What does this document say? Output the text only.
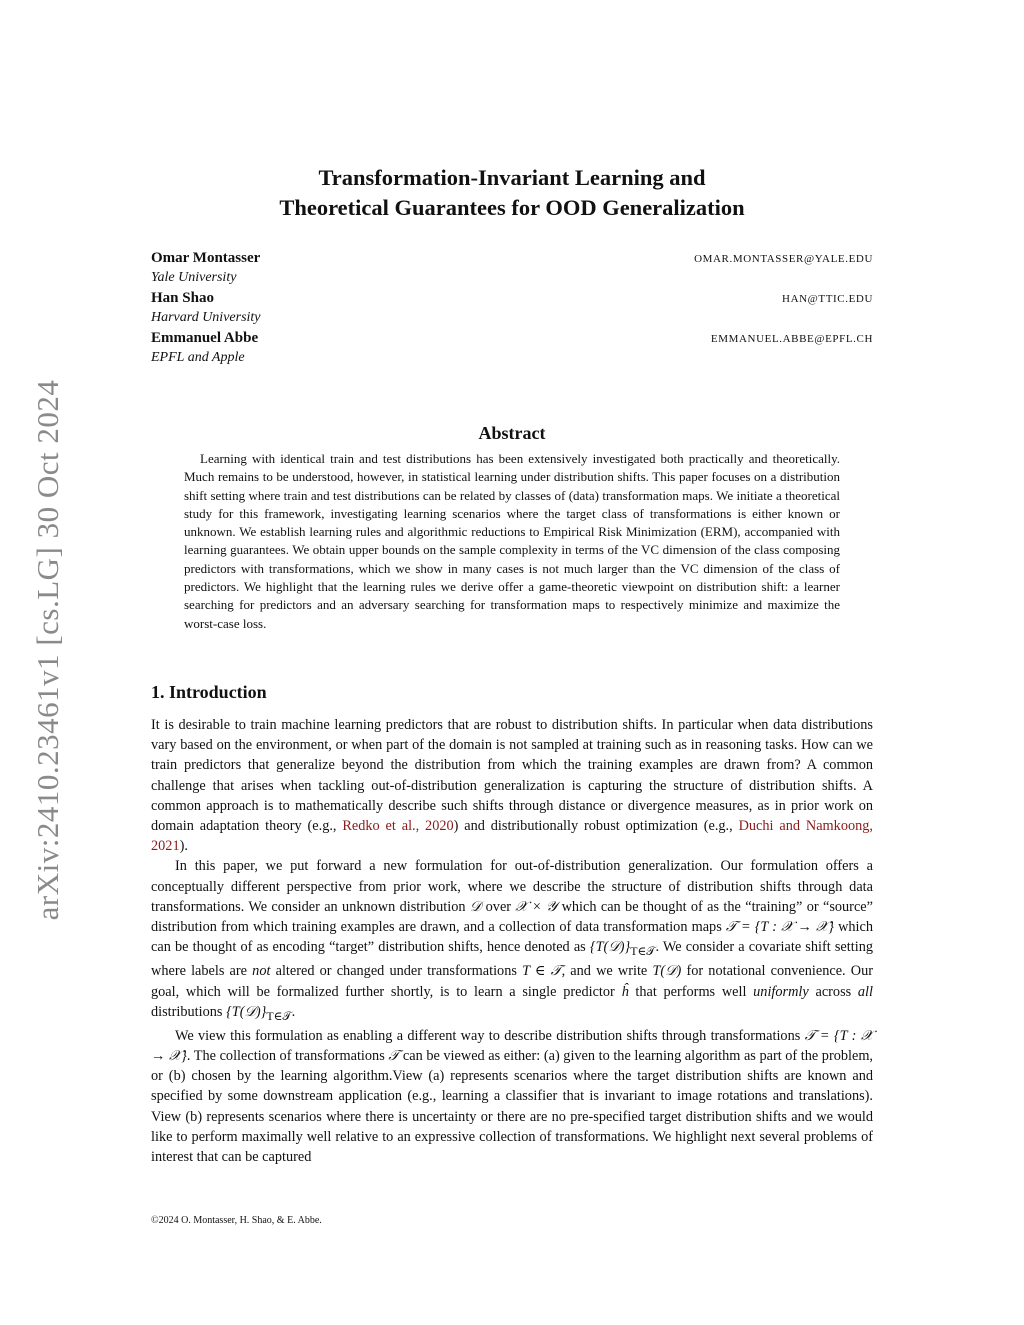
arXiv:2410.23461v1 [cs.LG] 30 Oct 2024
Transformation-Invariant Learning and
Theoretical Guarantees for OOD Generalization
Omar Montasser
Yale University
OMAR.MONTASSER@YALE.EDU
Han Shao
Harvard University
HAN@TTIC.EDU
Emmanuel Abbe
EPFL and Apple
EMMANUEL.ABBE@EPFL.CH
Abstract

Learning with identical train and test distributions has been extensively investigated both practically and theoretically. Much remains to be understood, however, in statistical learning under distribution shifts. This paper focuses on a distribution shift setting where train and test distributions can be related by classes of (data) transformation maps. We initiate a theoretical study for this framework, investigating learning scenarios where the target class of transformations is either known or unknown. We establish learning rules and algorithmic reductions to Empirical Risk Minimization (ERM), accompanied with learning guarantees. We obtain upper bounds on the sample complexity in terms of the VC dimension of the class composing predictors with transformations, which we show in many cases is not much larger than the VC dimension of the class of predictors. We highlight that the learning rules we derive offer a game-theoretic viewpoint on distribution shift: a learner searching for predictors and an adversary searching for transformation maps to respectively minimize and maximize the worst-case loss.

1. Introduction

It is desirable to train machine learning predictors that are robust to distribution shifts. In particular when data distributions vary based on the environment, or when part of the domain is not sampled at training such as in reasoning tasks. How can we train predictors that generalize beyond the distribution from which the training examples are drawn from? A common challenge that arises when tackling out-of-distribution generalization is capturing the structure of distribution shifts. A common approach is to mathematically describe such shifts through distance or divergence measures, as in prior work on domain adaptation theory (e.g., Redko et al., 2020) and distributionally robust optimization (e.g., Duchi and Namkoong, 2021).

In this paper, we put forward a new formulation for out-of-distribution generalization. Our formulation offers a conceptually different perspective from prior work, where we describe the structure of distribution shifts through data transformations. We consider an unknown distribution 𝒟 over 𝒳 × 𝒴 which can be thought of as the “training” or “source” distribution from which training examples are drawn, and a collection of data transformation maps 𝒯 = {T : 𝒳 → 𝒳} which can be thought of as encoding “target” distribution shifts, hence denoted as $\{T(𝒟)\}_{T\in 𝒯}$. We consider a covariate shift setting where labels are not altered or changed under transformations T ∈ 𝒯, and we write T(𝒟) for notational convenience. Our goal, which will be formalized further shortly, is to learn a single predictor ĥ that performs well uniformly across all distributions $\{T(𝒟)\}_{T\in 𝒯}$.

We view this formulation as enabling a different way to describe distribution shifts through transformations 𝒯 = {T : 𝒳 → 𝒳}. The collection of transformations 𝒯 can be viewed as either: (a) given to the learning algorithm as part of the problem, or (b) chosen by the learning algorithm.View (a) represents scenarios where the target distribution shifts are known and specified by some downstream application (e.g., learning a classifier that is invariant to image rotations and translations). View (b) represents scenarios where there is uncertainty or there are no pre-specified target distribution shifts and we would like to perform maximally well relative to an expressive collection of transformations. We highlight next several problems of interest that can be captured

©2024 O. Montasser, H. Shao, & E. Abbe.
